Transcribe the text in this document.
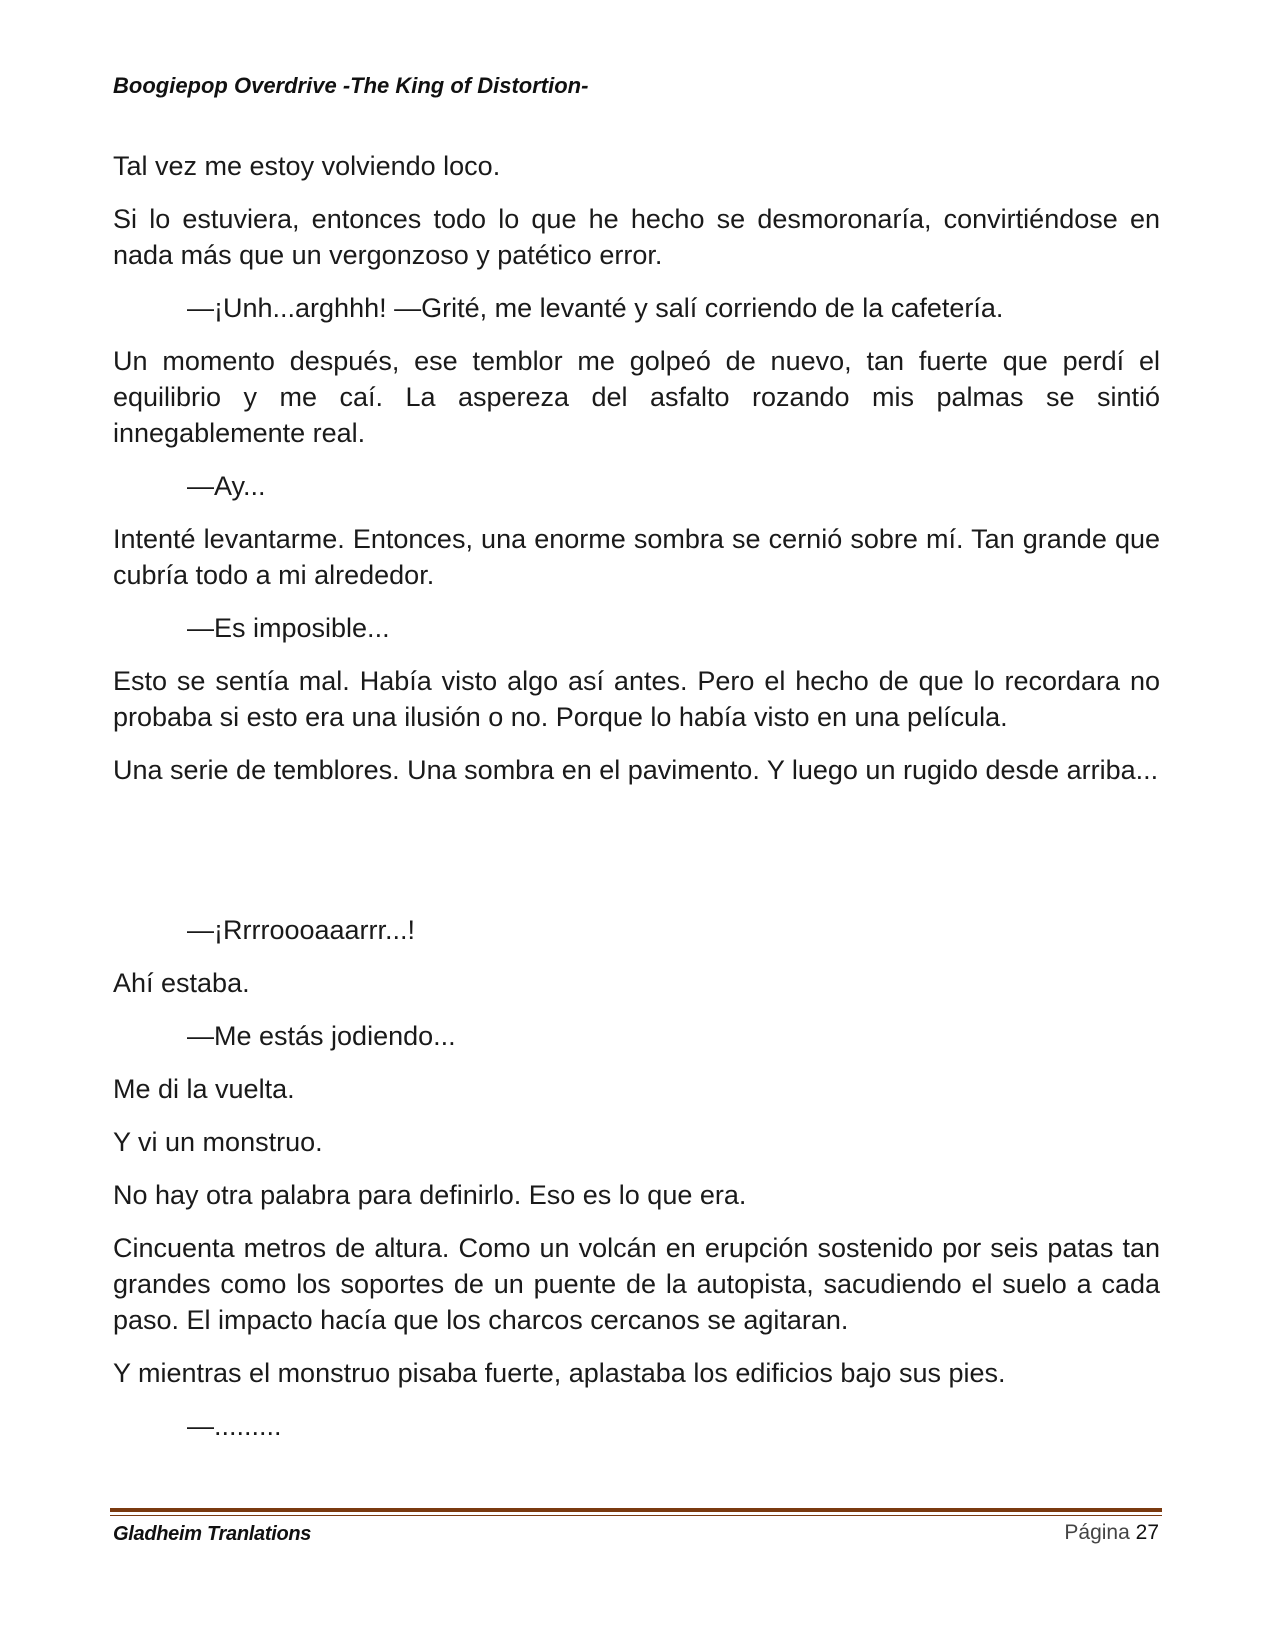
Boogiepop Overdrive -The King of Distortion-

Tal vez me estoy volviendo loco.

Si lo estuviera, entonces todo lo que he hecho se desmoronaría, convirtiéndose en nada más que un vergonzoso y patético error.

—¡Unh...arghhh! —Grité, me levanté y salí corriendo de la cafetería.

Un momento después, ese temblor me golpeó de nuevo, tan fuerte que perdí el equilibrio y me caí. La aspereza del asfalto rozando mis palmas se sintió innegablemente real.

—Ay...

Intenté levantarme. Entonces, una enorme sombra se cernió sobre mí. Tan grande que cubría todo a mi alrededor.

—Es imposible...

Esto se sentía mal. Había visto algo así antes. Pero el hecho de que lo recordara no probaba si esto era una ilusión o no. Porque lo había visto en una película.

Una serie de temblores. Una sombra en el pavimento. Y luego un rugido desde arriba...

—¡Rrrroooaaarrr...!

Ahí estaba.

—Me estás jodiendo...

Me di la vuelta.

Y vi un monstruo.

No hay otra palabra para definirlo. Eso es lo que era.

Cincuenta metros de altura. Como un volcán en erupción sostenido por seis patas tan grandes como los soportes de un puente de la autopista, sacudiendo el suelo a cada paso. El impacto hacía que los charcos cercanos se agitaran.

Y mientras el monstruo pisaba fuerte, aplastaba los edificios bajo sus pies.

—.........

Gladheim Tranlations	Página 27
